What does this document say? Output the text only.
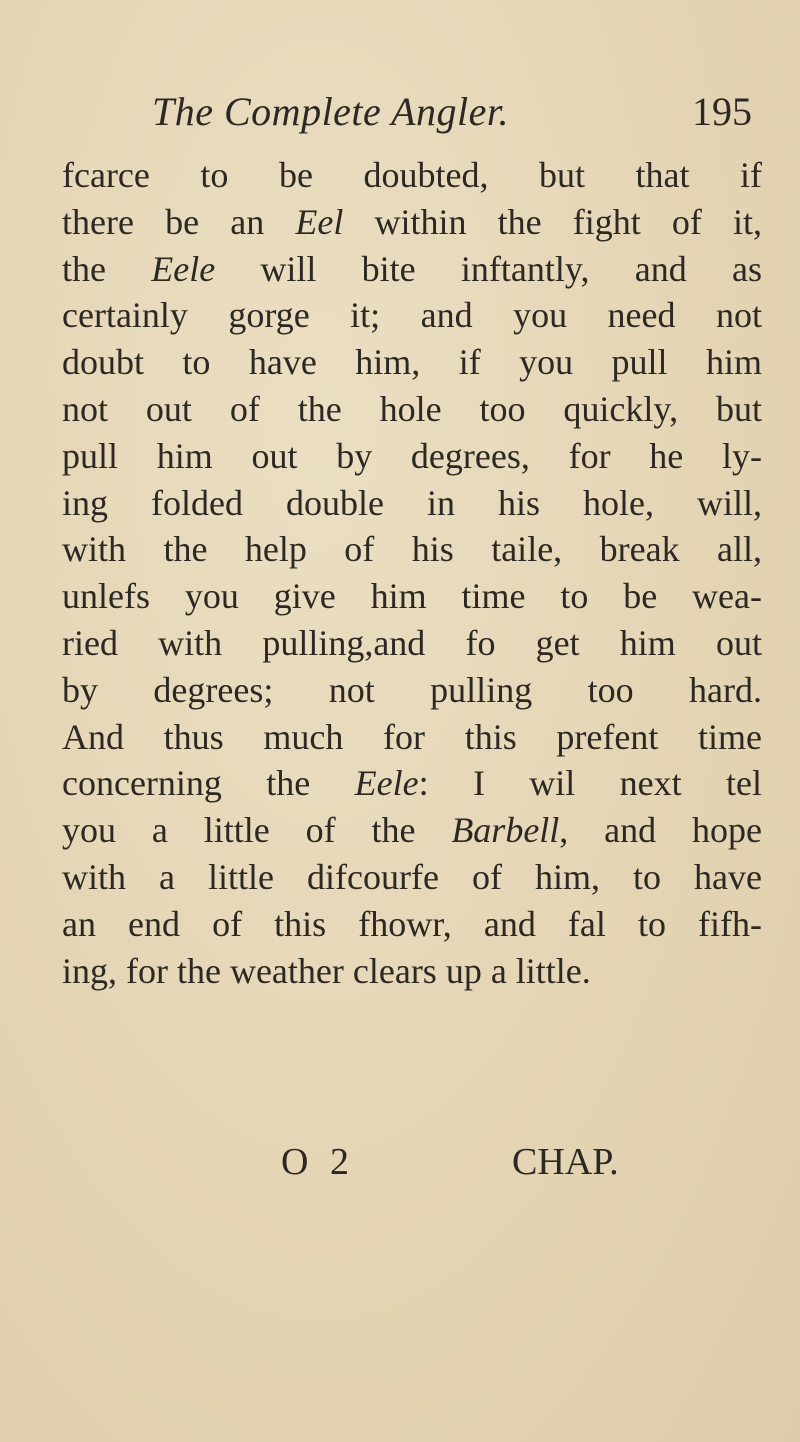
The Complete Angler.	195
fcarce to be doubted, but that if
there be an Eel within the fight of it,
the Eele will bite inftantly, and as
certainly gorge it; and you need not
doubt to have him, if you pull him
not out of the hole too quickly, but
pull him out by degrees, for he ly-
ing folded double in his hole, will,
with the help of his taile, break all,
unlefs you give him time to be wea-
ried with pulling,and fo get him out
by degrees; not pulling too hard.
And thus much for this prefent time
concerning the Eele: I wil next tel
you a little of the Barbell, and hope
with a little difcourfe of him, to have
an end of this fhowr, and fal to fifh-
ing, for the weather clears up a little.
O 2	CHAP.
